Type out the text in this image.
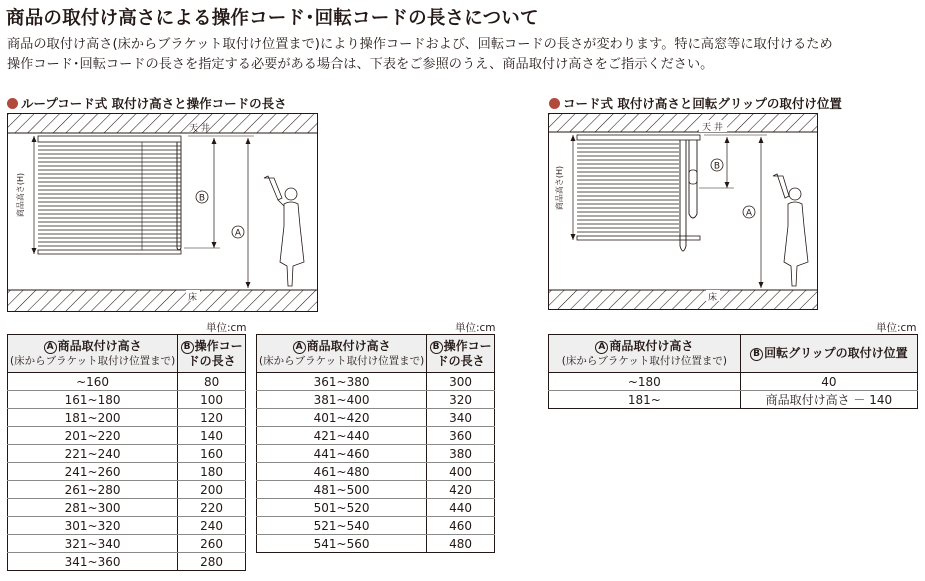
商品の取付け高さによる操作コード･回転コードの長さについて
商品の取付け高さ(床からブラケット取付け位置まで)により操作コードおよび、回転コードの長さが変わります。特に高窓等に取付けるため
操作コード･回転コードの長さを指定する必要がある場合は、下表をご参照のうえ、商品取付け高さをご指示ください。
ループコード式 取付け高さと操作コードの長さ
天 井
床
商品高さ(H)	B
A
単位:cm	単位:cm
A 商品取付け高さ
(床からブラケット取付け位置まで)	B 操作コードの長さ
~160	80
161~180	100
181~200	120
201~220	140
221~240	160
241~260	180
261~280	200
281~300	220
301~320	240
321~340	260
341~360	280
A 商品取付け高さ
(床からブラケット取付け位置まで)	B 操作コードの長さ
361~380	300
381~400	320
401~420	340
421~440	360
441~460	380
461~480	400
481~500	420
501~520	440
521~540	460
541~560	480
コード式 取付け高さと回転グリップの取付け位置
天 井
床
商品高さ(H)	B
A
単位:cm
A 商品取付け高さ
(床からブラケット取付け位置まで)	B 回転グリップの取付け位置
~180	40
181~	商品取付け高さ － 140
